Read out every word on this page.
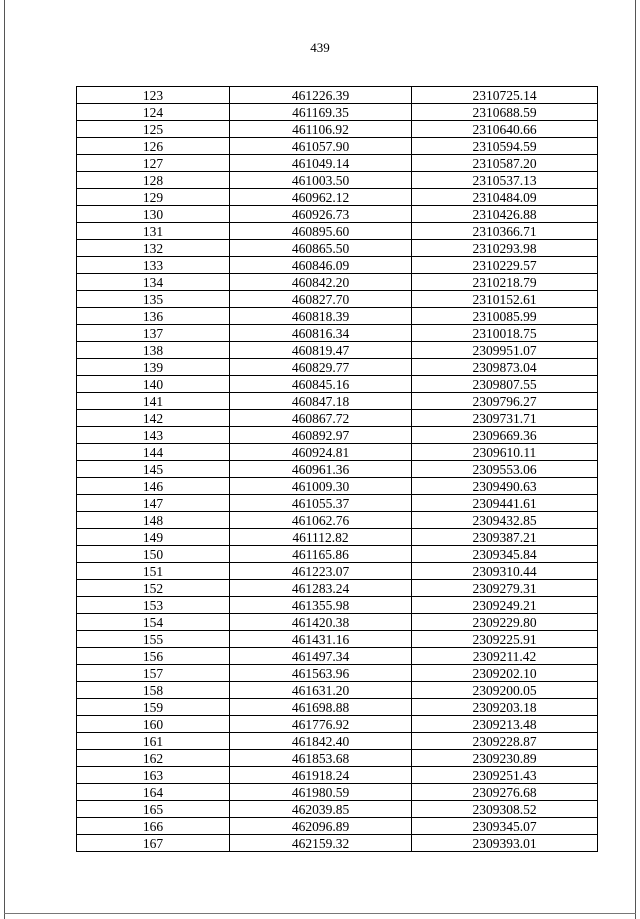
439
123	461226.39	2310725.14
124	461169.35	2310688.59
125	461106.92	2310640.66
126	461057.90	2310594.59
127	461049.14	2310587.20
128	461003.50	2310537.13
129	460962.12	2310484.09
130	460926.73	2310426.88
131	460895.60	2310366.71
132	460865.50	2310293.98
133	460846.09	2310229.57
134	460842.20	2310218.79
135	460827.70	2310152.61
136	460818.39	2310085.99
137	460816.34	2310018.75
138	460819.47	2309951.07
139	460829.77	2309873.04
140	460845.16	2309807.55
141	460847.18	2309796.27
142	460867.72	2309731.71
143	460892.97	2309669.36
144	460924.81	2309610.11
145	460961.36	2309553.06
146	461009.30	2309490.63
147	461055.37	2309441.61
148	461062.76	2309432.85
149	461112.82	2309387.21
150	461165.86	2309345.84
151	461223.07	2309310.44
152	461283.24	2309279.31
153	461355.98	2309249.21
154	461420.38	2309229.80
155	461431.16	2309225.91
156	461497.34	2309211.42
157	461563.96	2309202.10
158	461631.20	2309200.05
159	461698.88	2309203.18
160	461776.92	2309213.48
161	461842.40	2309228.87
162	461853.68	2309230.89
163	461918.24	2309251.43
164	461980.59	2309276.68
165	462039.85	2309308.52
166	462096.89	2309345.07
167	462159.32	2309393.01
